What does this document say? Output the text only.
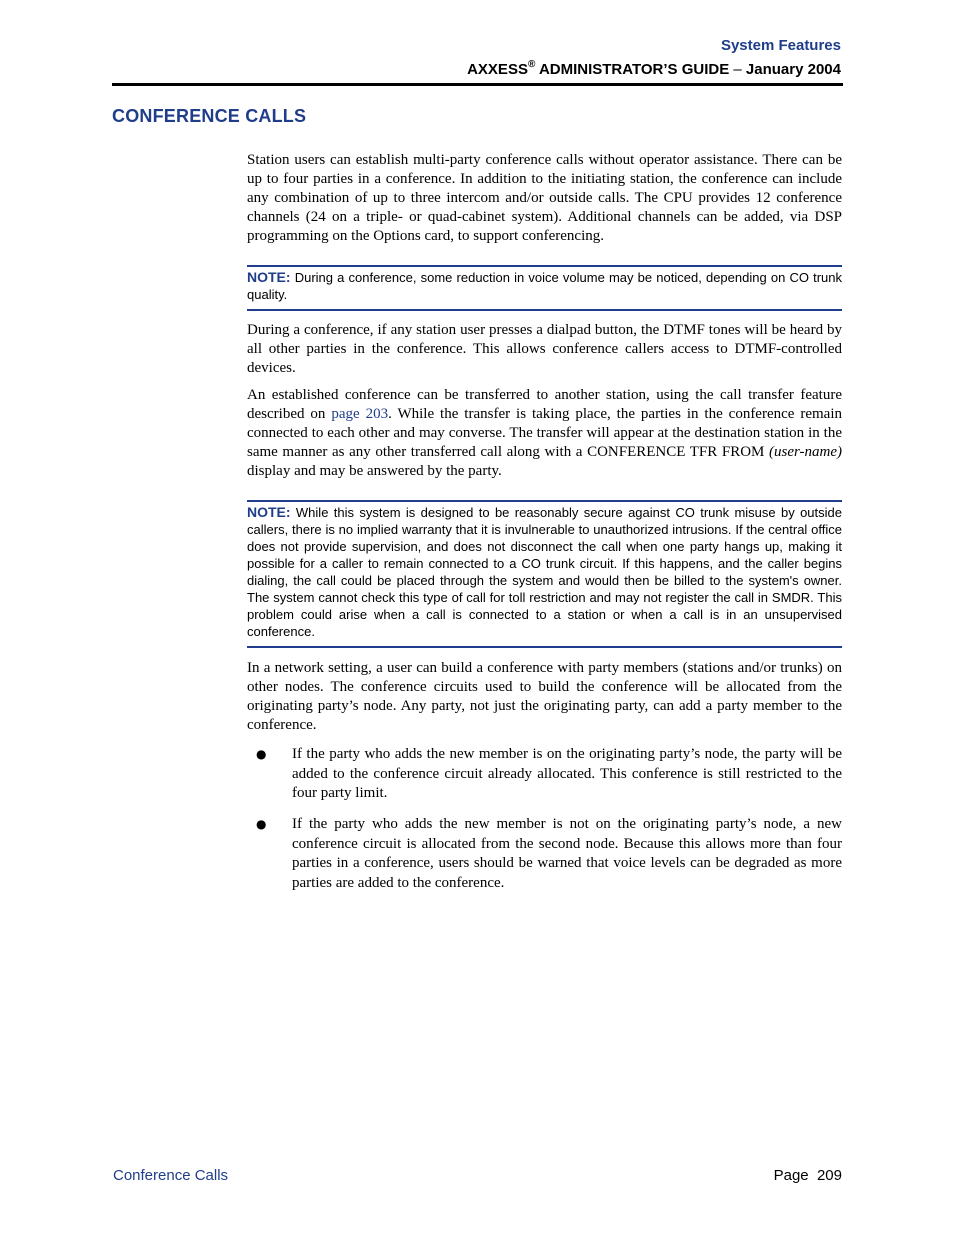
System Features
AXXESS® ADMINISTRATOR’S GUIDE – January 2004
CONFERENCE CALLS

Station users can establish multi-party conference calls without operator assistance. There can be up to four parties in a conference. In addition to the initiating station, the conference can include any combination of up to three intercom and/or outside calls. The CPU provides 12 conference channels (24 on a triple- or quad-cabinet system). Additional channels can be added, via DSP programming on the Options card, to support conferencing.

NOTE: During a conference, some reduction in voice volume may be noticed, depending on CO trunk quality.

During a conference, if any station user presses a dialpad button, the DTMF tones will be heard by all other parties in the conference. This allows conference callers access to DTMF-controlled devices.

An established conference can be transferred to another station, using the call transfer feature described on page 203. While the transfer is taking place, the parties in the conference remain connected to each other and may converse. The transfer will appear at the destination station in the same manner as any other transferred call along with a CONFERENCE TFR FROM (user-name) display and may be answered by the party.

NOTE: While this system is designed to be reasonably secure against CO trunk misuse by outside callers, there is no implied warranty that it is invulnerable to unauthorized intrusions. If the central office does not provide supervision, and does not disconnect the call when one party hangs up, making it possible for a caller to remain connected to a CO trunk circuit. If this happens, and the caller begins dialing, the call could be placed through the system and would then be billed to the system's owner. The system cannot check this type of call for toll restriction and may not register the call in SMDR. This problem could arise when a call is connected to a station or when a call is in an unsupervised conference.

In a network setting, a user can build a conference with party members (stations and/or trunks) on other nodes. The conference circuits used to build the conference will be allocated from the originating party’s node. Any party, not just the originating party, can add a party member to the conference.

● If the party who adds the new member is on the originating party’s node, the party will be added to the conference circuit already allocated. This conference is still restricted to the four party limit.
● If the party who adds the new member is not on the originating party’s node, a new conference circuit is allocated from the second node. Because this allows more than four parties in a conference, users should be warned that voice levels can be degraded as more parties are added to the conference.
Conference Calls	Page  209
